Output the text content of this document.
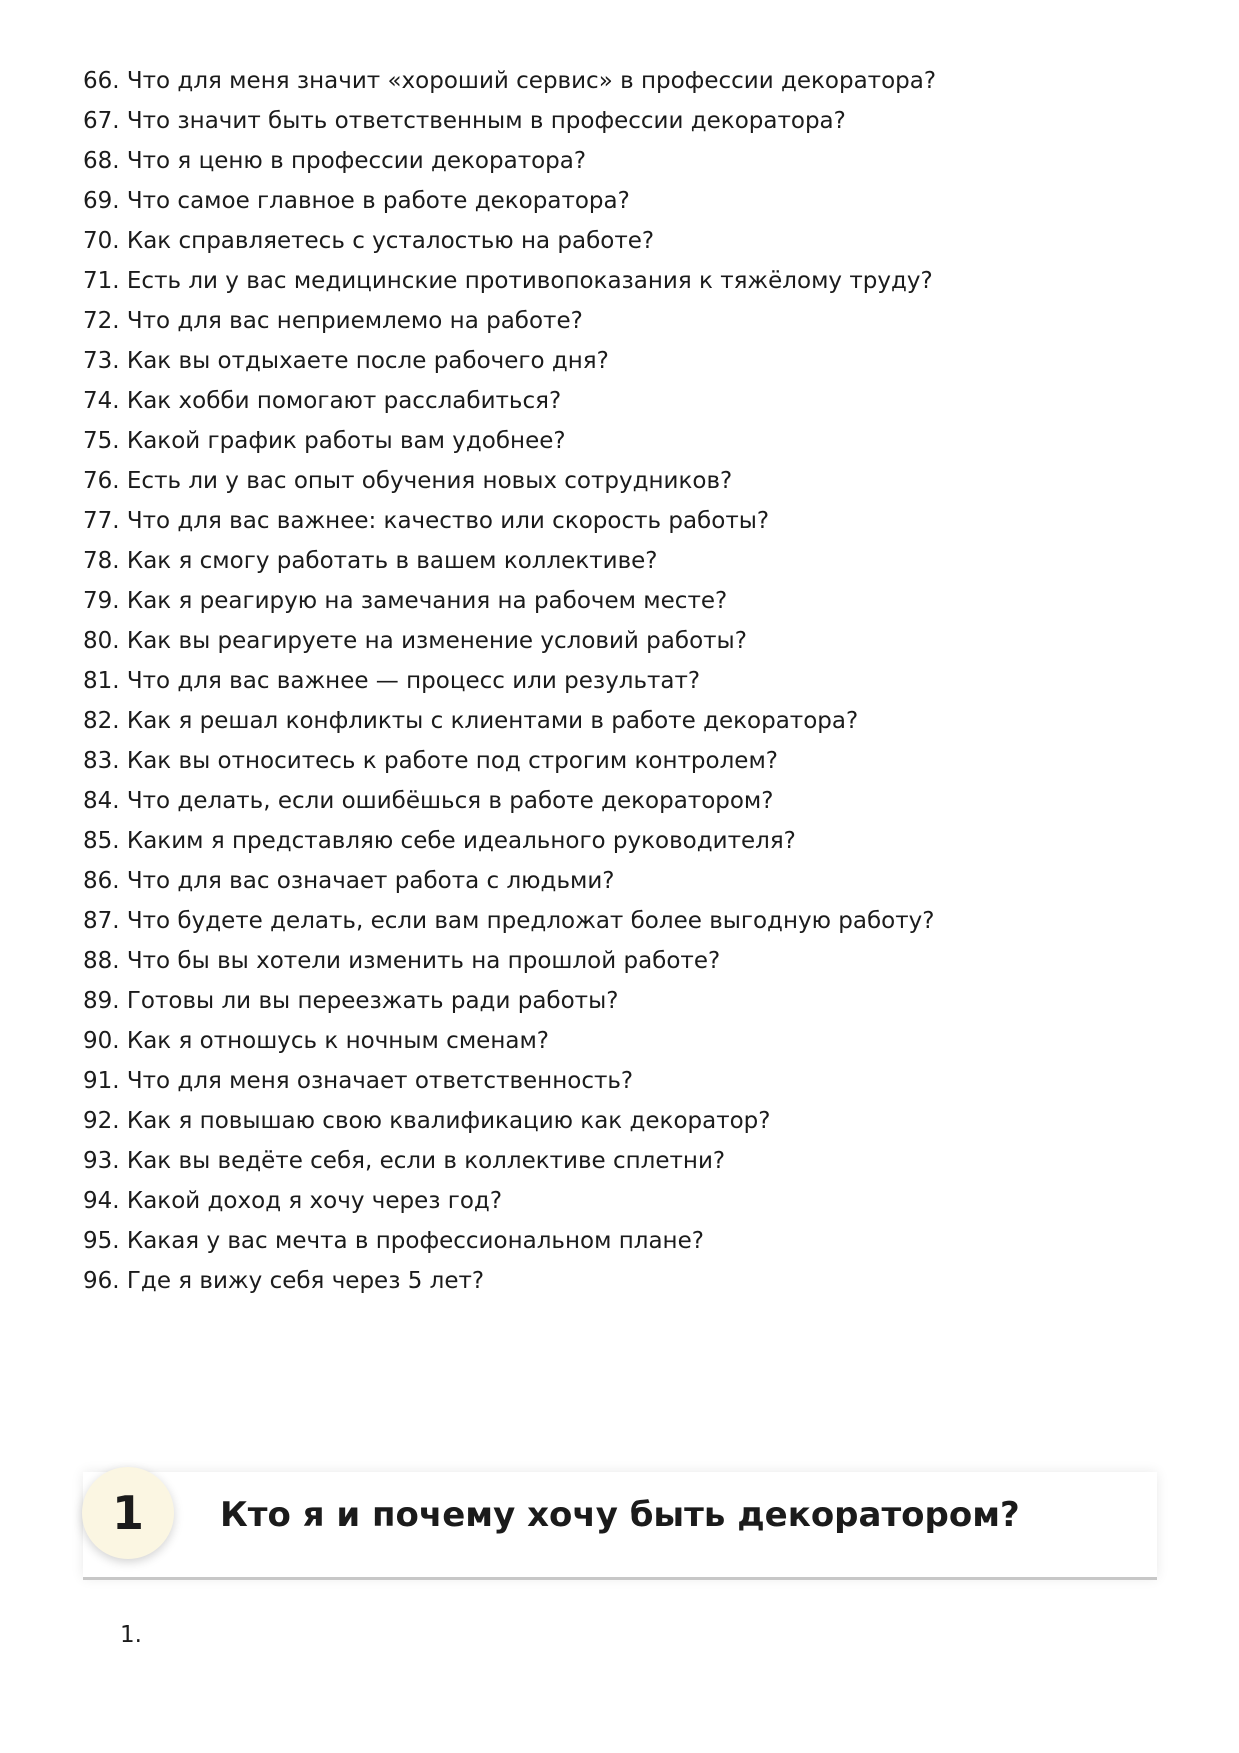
66. Что для меня значит «хороший сервис» в профессии декоратора?
67. Что значит быть ответственным в профессии декоратора?
68. Что я ценю в профессии декоратора?
69. Что самое главное в работе декоратора?
70. Как справляетесь с усталостью на работе?
71. Есть ли у вас медицинские противопоказания к тяжёлому труду?
72. Что для вас неприемлемо на работе?
73. Как вы отдыхаете после рабочего дня?
74. Как хобби помогают расслабиться?
75. Какой график работы вам удобнее?
76. Есть ли у вас опыт обучения новых сотрудников?
77. Что для вас важнее: качество или скорость работы?
78. Как я смогу работать в вашем коллективе?
79. Как я реагирую на замечания на рабочем месте?
80. Как вы реагируете на изменение условий работы?
81. Что для вас важнее — процесс или результат?
82. Как я решал конфликты с клиентами в работе декоратора?
83. Как вы относитесь к работе под строгим контролем?
84. Что делать, если ошибёшься в работе декоратором?
85. Каким я представляю себе идеального руководителя?
86. Что для вас означает работа с людьми?
87. Что будете делать, если вам предложат более выгодную работу?
88. Что бы вы хотели изменить на прошлой работе?
89. Готовы ли вы переезжать ради работы?
90. Как я отношусь к ночным сменам?
91. Что для меня означает ответственность?
92. Как я повышаю свою квалификацию как декоратор?
93. Как вы ведёте себя, если в коллективе сплетни?
94. Какой доход я хочу через год?
95. Какая у вас мечта в профессиональном плане?
96. Где я вижу себя через 5 лет?
1 Кто я и почему хочу быть декоратором?
1.
